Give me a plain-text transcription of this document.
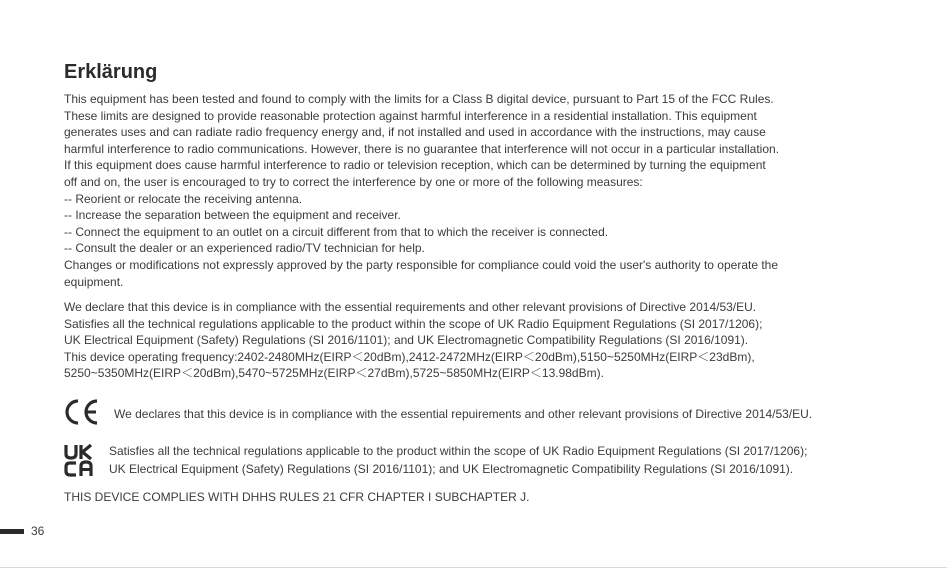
Erklärung
This equipment has been tested and found to comply with the limits for a Class B digital device, pursuant to Part 15 of the FCC Rules.
These limits are designed to provide reasonable protection against harmful interference in a residential installation. This equipment
generates uses and can radiate radio frequency energy and, if not installed and used in accordance with the instructions, may cause
harmful interference to radio communications. However, there is no guarantee that interference will not occur in a particular installation.
If this equipment does cause harmful interference to radio or television reception, which can be determined by turning the equipment
off and on, the user is encouraged to try to correct the interference by one or more of the following measures:
-- Reorient or relocate the receiving antenna.
-- Increase the separation between the equipment and receiver.
-- Connect the equipment to an outlet on a circuit different from that to which the receiver is connected.
-- Consult the dealer or an experienced radio/TV technician for help.
Changes or modifications not expressly approved by the party responsible for compliance could void the user's authority to operate the
equipment.
We declare that this device is in compliance with the essential requirements and other relevant provisions of Directive 2014/53/EU.
Satisfies all the technical regulations applicable to the product within the scope of UK Radio Equipment Regulations (SI 2017/1206);
UK Electrical Equipment (Safety) Regulations (SI 2016/1101); and UK Electromagnetic Compatibility Regulations (SI 2016/1091).
This device operating frequency:2402-2480MHz(EIRP＜20dBm),2412-2472MHz(EIRP＜20dBm),5150~5250MHz(EIRP＜23dBm),
5250~5350MHz(EIRP＜20dBm),5470~5725MHz(EIRP＜27dBm),5725~5850MHz(EIRP＜13.98dBm).
We declares that this device is in compliance with the essential repuirements and other relevant provisions of Directive 2014/53/EU.
Satisfies all the technical regulations applicable to the product within the scope of UK Radio Equipment Regulations (SI 2017/1206);
UK Electrical Equipment (Safety) Regulations (SI 2016/1101); and UK Electromagnetic Compatibility Regulations (SI 2016/1091).

THIS DEVICE COMPLIES WITH DHHS RULES 21 CFR CHAPTER I SUBCHAPTER J.

36
